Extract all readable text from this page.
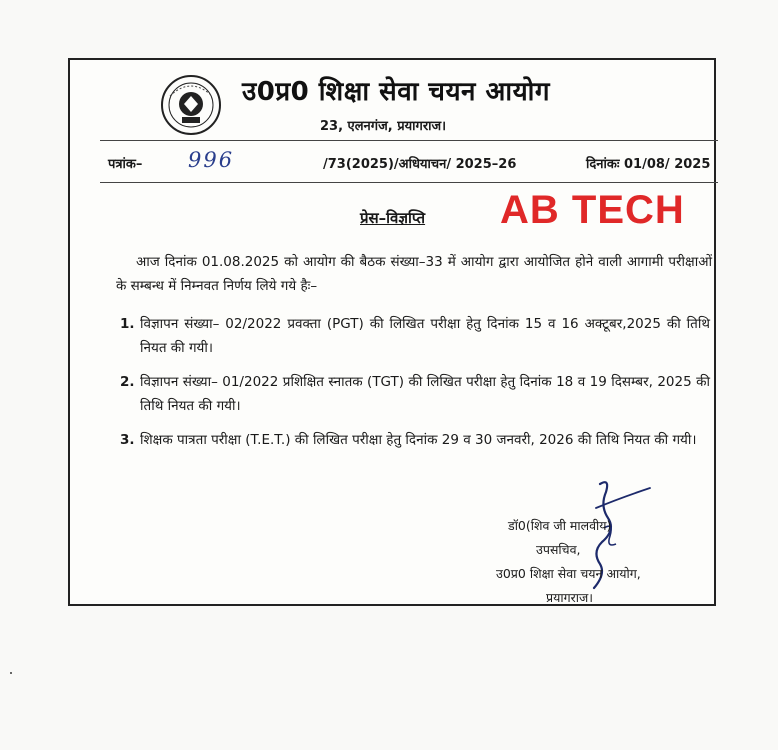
उ0प्र0 शिक्षा सेवा चयन आयोग
23, एलनगंज, प्रयागराज।
पत्रांक– 996	/73(2025)/अधियाचन/ 2025–26	दिनांकः 01/08/ 2025
प्रेस–विज्ञप्ति AB TECH

आज दिनांक 01.08.2025 को आयोग की बैठक संख्या–33 में आयोग द्वारा आयोजित होने वाली आगामी परीक्षाओं के सम्बन्ध में निम्नवत निर्णय लिये गये हैः–

1. विज्ञापन संख्या– 02/2022 प्रवक्ता (PGT) की लिखित परीक्षा हेतु दिनांक 15 व 16 अक्टूबर,2025 की तिथि नियत की गयी।
2. विज्ञापन संख्या– 01/2022 प्रशिक्षित स्नातक (TGT) की लिखित परीक्षा हेतु दिनांक 18 व 19 दिसम्बर, 2025 की तिथि नियत की गयी।
3. शिक्षक पात्रता परीक्षा (T.E.T.) की लिखित परीक्षा हेतु दिनांक 29 व 30 जनवरी, 2026 की तिथि नियत की गयी।
डॉ0(शिव जी मालवीय)
उपसचिव,
उ0प्र0 शिक्षा सेवा चयन आयोग,
प्रयागराज।
